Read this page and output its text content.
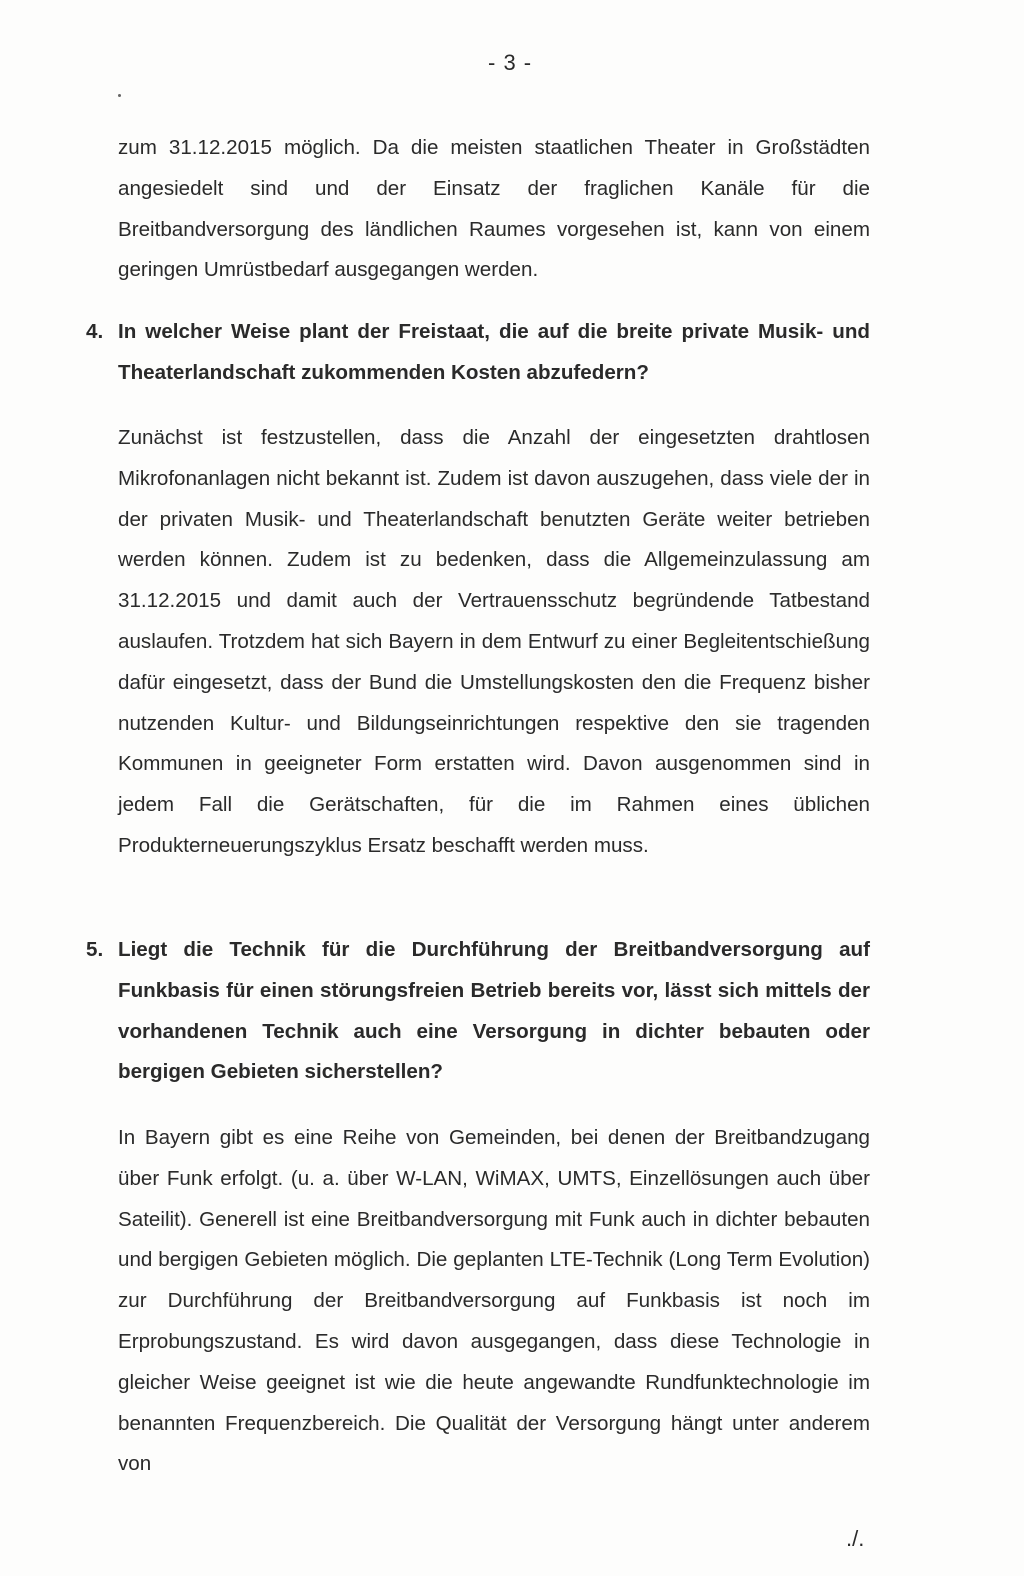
- 3 -

zum 31.12.2015 möglich. Da die meisten staatlichen Theater in Großstädten angesiedelt sind und der Einsatz der fraglichen Kanäle für die Breitbandversorgung des ländlichen Raumes vorgesehen ist, kann von einem geringen Umrüstbedarf ausgegangen werden.

4. In welcher Weise plant der Freistaat, die auf die breite private Musik- und Theaterlandschaft zukommenden Kosten abzufedern?

Zunächst ist festzustellen, dass die Anzahl der eingesetzten drahtlosen Mikrofonanlagen nicht bekannt ist. Zudem ist davon auszugehen, dass viele der in der privaten Musik- und Theaterlandschaft benutzten Geräte weiter betrieben werden können. Zudem ist zu bedenken, dass die Allgemeinzulassung am 31.12.2015 und damit auch der Vertrauensschutz begründende Tatbestand auslaufen. Trotzdem hat sich Bayern in dem Entwurf zu einer Begleitentschießung dafür eingesetzt, dass der Bund die Umstellungskosten den die Frequenz bisher nutzenden Kultur- und Bildungseinrichtungen respektive den sie tragenden Kommunen in geeigneter Form erstatten wird. Davon ausgenommen sind in jedem Fall die Gerätschaften, für die im Rahmen eines üblichen Produkterneuerungszyklus Ersatz beschafft werden muss.

5. Liegt die Technik für die Durchführung der Breitbandversorgung auf Funkbasis für einen störungsfreien Betrieb bereits vor, lässt sich mittels der vorhandenen Technik auch eine Versorgung in dichter bebauten oder bergigen Gebieten sicherstellen?

In Bayern gibt es eine Reihe von Gemeinden, bei denen der Breitbandzugang über Funk erfolgt. (u. a. über W-LAN, WiMAX, UMTS, Einzellösungen auch über Sateilit). Generell ist eine Breitbandversorgung mit Funk auch in dichter bebauten und bergigen Gebieten möglich. Die geplanten LTE-Technik (Long Term Evolution) zur Durchführung der Breitbandversorgung auf Funkbasis ist noch im Erprobungszustand. Es wird davon ausgegangen, dass diese Technologie in gleicher Weise geeignet ist wie die heute angewandte Rundfunktechnologie im benannten Frequenzbereich. Die Qualität der Versorgung hängt unter anderem von

./.
